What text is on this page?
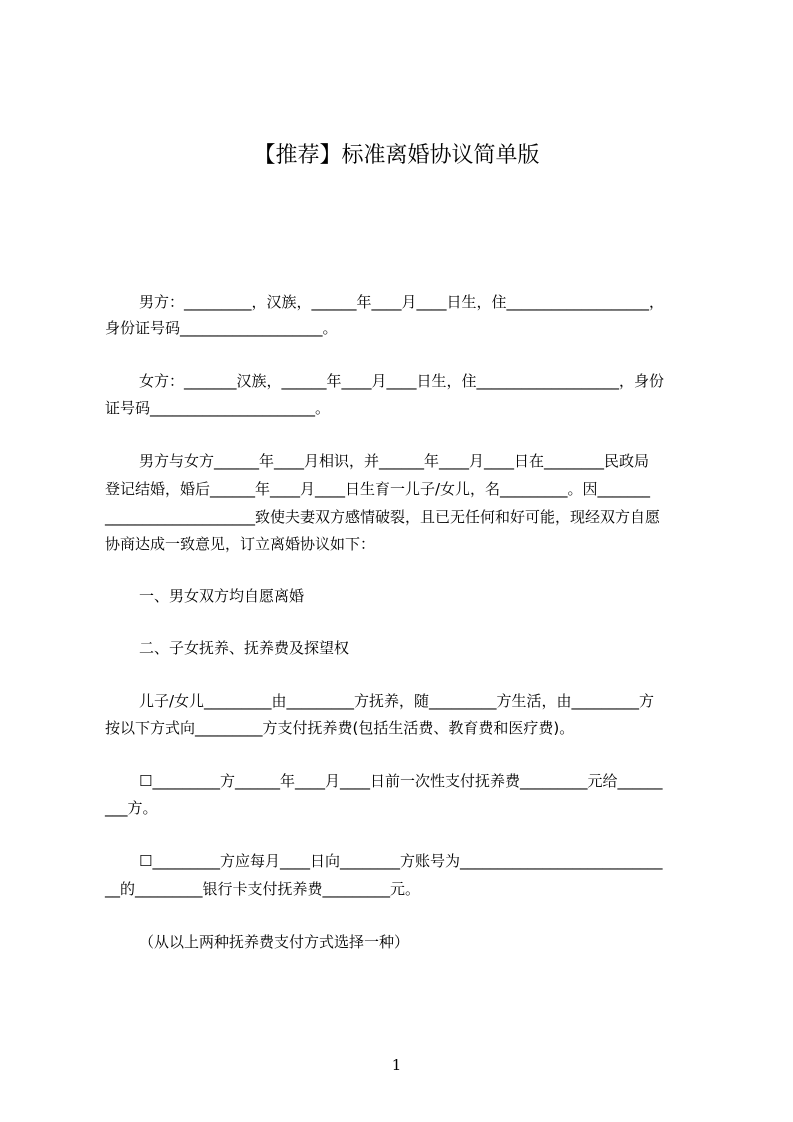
【推荐】标准离婚协议简单版
男方：_________，汉族，______年____月____日生，住___________________，
身份证号码___________________。
女方：_______汉族，______年____月____日生，住___________________，身份
证号码______________________。
男方与女方______年____月相识，并______年____月____日在________民政局
登记结婚，婚后______年____月____日生育一儿子/女儿，名_________。因_______
____________________致使夫妻双方感情破裂，且已无任何和好可能，现经双方自愿
协商达成一致意见，订立离婚协议如下：
一、男女双方均自愿离婚
二、子女抚养、抚养费及探望权
儿子/女儿_________由_________方抚养，随_________方生活，由_________方
按以下方式向_________方支付抚养费(包括生活费、教育费和医疗费)。
☐_________方______年____月____日前一次性支付抚养费_________元给______
___方。
☐_________方应每月____日向________方账号为___________________________
__的_________银行卡支付抚养费_________元。
（从以上两种抚养费支付方式选择一种）
1
